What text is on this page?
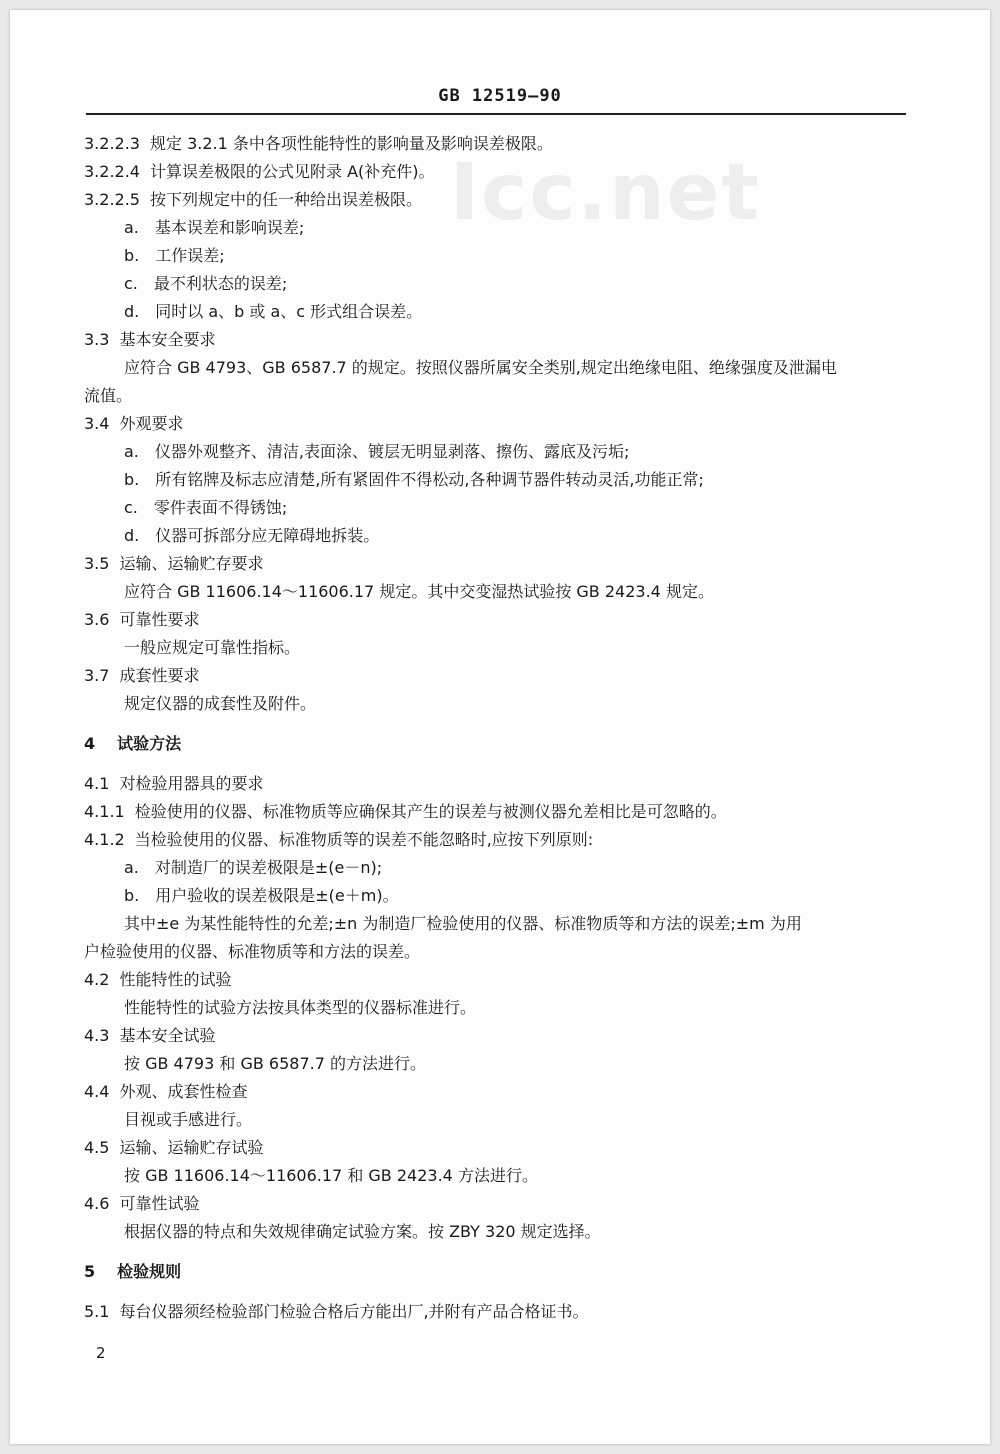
GB 12519—90
Icc.net
3.2.2.3 规定 3.2.1 条中各项性能特性的影响量及影响误差极限。
3.2.2.4 计算误差极限的公式见附录 A(补充件)。
3.2.2.5 按下列规定中的任一种给出误差极限。
a. 基本误差和影响误差;
b. 工作误差;
c. 最不利状态的误差;
d. 同时以 a、b 或 a、c 形式组合误差。
3.3 基本安全要求
应符合 GB 4793、GB 6587.7 的规定。按照仪器所属安全类别,规定出绝缘电阻、绝缘强度及泄漏电
流值。
3.4 外观要求
a. 仪器外观整齐、清洁,表面涂、镀层无明显剥落、擦伤、露底及污垢;
b. 所有铭牌及标志应清楚,所有紧固件不得松动,各种调节器件转动灵活,功能正常;
c. 零件表面不得锈蚀;
d. 仪器可拆部分应无障碍地拆装。
3.5 运输、运输贮存要求
应符合 GB 11606.14～11606.17 规定。其中交变湿热试验按 GB 2423.4 规定。
3.6 可靠性要求
一般应规定可靠性指标。
3.7 成套性要求
规定仪器的成套性及附件。
4 试验方法
4.1 对检验用器具的要求
4.1.1 检验使用的仪器、标准物质等应确保其产生的误差与被测仪器允差相比是可忽略的。
4.1.2 当检验使用的仪器、标准物质等的误差不能忽略时,应按下列原则:
a. 对制造厂的误差极限是±(e－n);
b. 用户验收的误差极限是±(e＋m)。
其中±e 为某性能特性的允差;±n 为制造厂检验使用的仪器、标准物质等和方法的误差;±m 为用
户检验使用的仪器、标准物质等和方法的误差。
4.2 性能特性的试验
性能特性的试验方法按具体类型的仪器标准进行。
4.3 基本安全试验
按 GB 4793 和 GB 6587.7 的方法进行。
4.4 外观、成套性检查
目视或手感进行。
4.5 运输、运输贮存试验
按 GB 11606.14～11606.17 和 GB 2423.4 方法进行。
4.6 可靠性试验
根据仪器的特点和失效规律确定试验方案。按 ZBY 320 规定选择。
5 检验规则
5.1 每台仪器须经检验部门检验合格后方能出厂,并附有产品合格证书。
2
